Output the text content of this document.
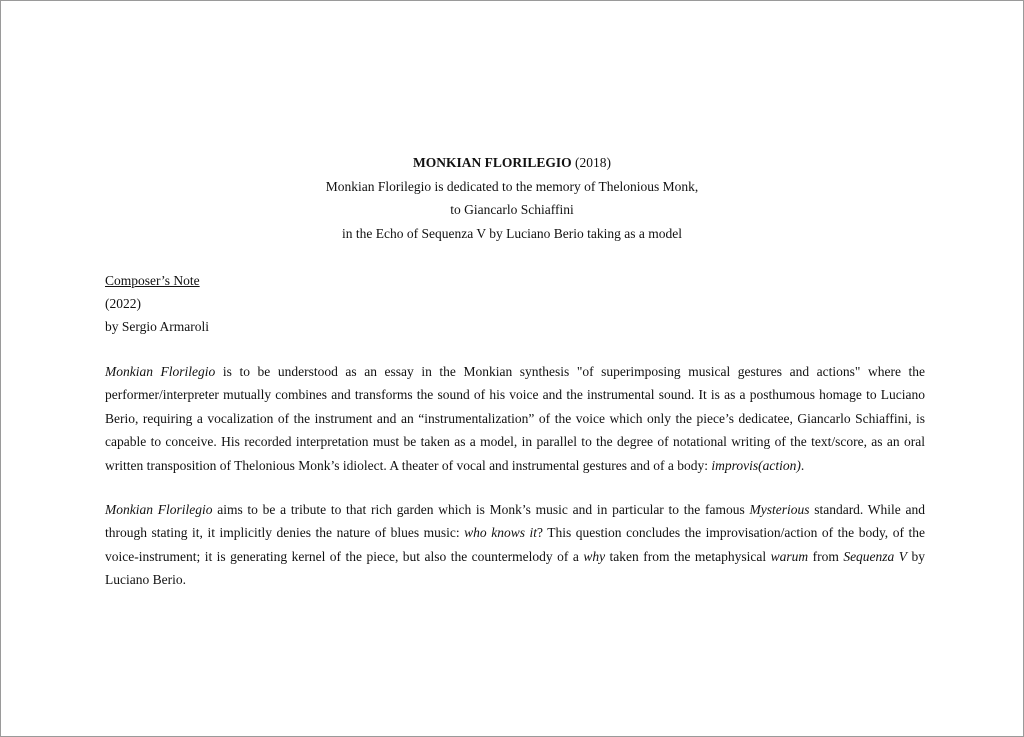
MONKIAN FLORILEGIO (2018)
Monkian Florilegio is dedicated to the memory of Thelonious Monk,
to Giancarlo Schiaffini
in the Echo of Sequenza V by Luciano Berio taking as a model
Composer’s Note
(2022)
by Sergio Armaroli

Monkian Florilegio is to be understood as an essay in the Monkian synthesis "of superimposing musical gestures and actions" where the performer/interpreter mutually combines and transforms the sound of his voice and the instrumental sound. It is as a posthumous homage to Luciano Berio, requiring a vocalization of the instrument and an “instrumentalization” of the voice which only the piece’s dedicatee, Giancarlo Schiaffini, is capable to conceive. His recorded interpretation must be taken as a model, in parallel to the degree of notational writing of the text/score, as an oral written transposition of Thelonious Monk’s idiolect. A theater of vocal and instrumental gestures and of a body: improvis(action).

Monkian Florilegio aims to be a tribute to that rich garden which is Monk’s music and in particular to the famous Mysterious standard. While and through stating it, it implicitly denies the nature of blues music: who knows it? This question concludes the improvisation/action of the body, of the voice-instrument; it is generating kernel of the piece, but also the countermelody of a why taken from the metaphysical warum from Sequenza V by Luciano Berio.
